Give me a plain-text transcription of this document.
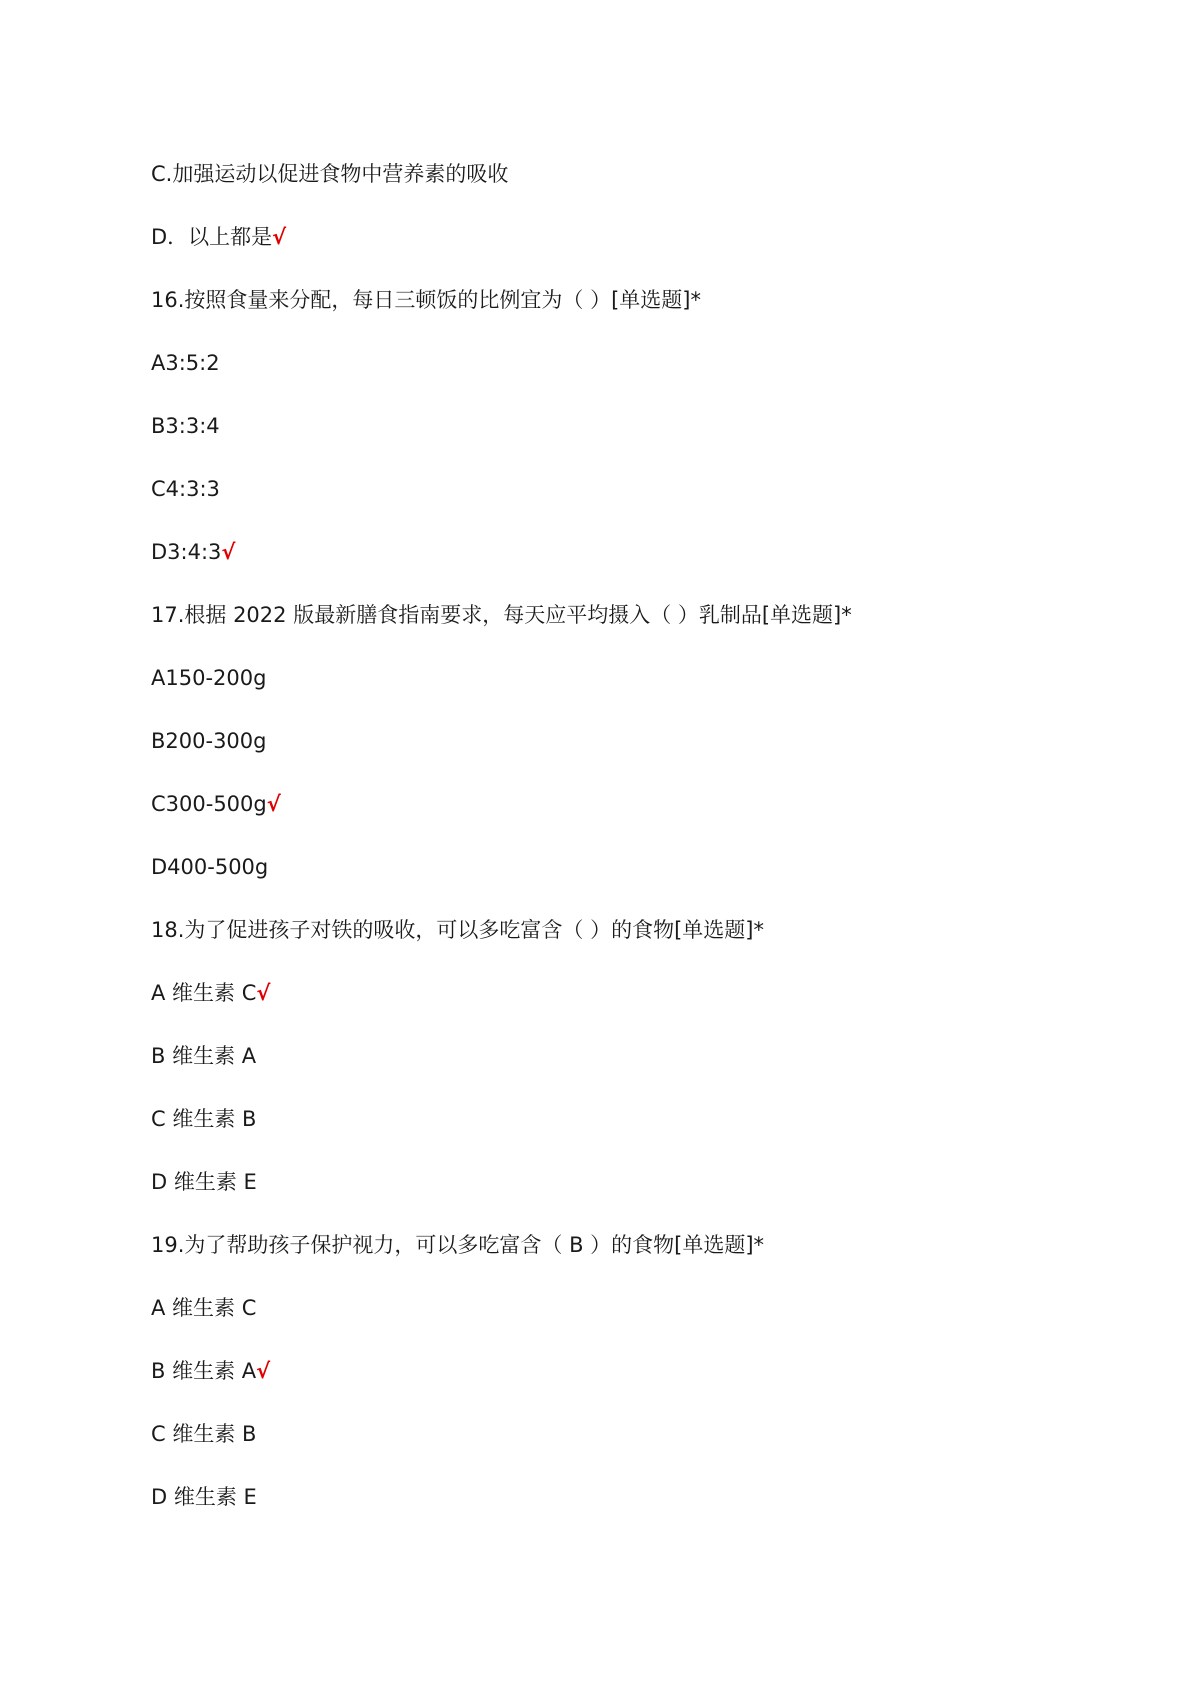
C.加强运动以促进食物中营养素的吸收
D．以上都是√
16.按照食量来分配，每日三顿饭的比例宜为（ ）[单选题]*
A3:5:2
B3:3:4
C4:3:3
D3:4:3√
17.根据 2022 版最新膳食指南要求，每天应平均摄入（ ）乳制品[单选题]*
A150-200g
B200-300g
C300-500g√
D400-500g
18.为了促进孩子对铁的吸收，可以多吃富含（ ）的食物[单选题]*
A 维生素 C√
B 维生素 A
C 维生素 B
D 维生素 E
19.为了帮助孩子保护视力，可以多吃富含（ B ）的食物[单选题]*
A 维生素 C
B 维生素 A√
C 维生素 B
D 维生素 E
